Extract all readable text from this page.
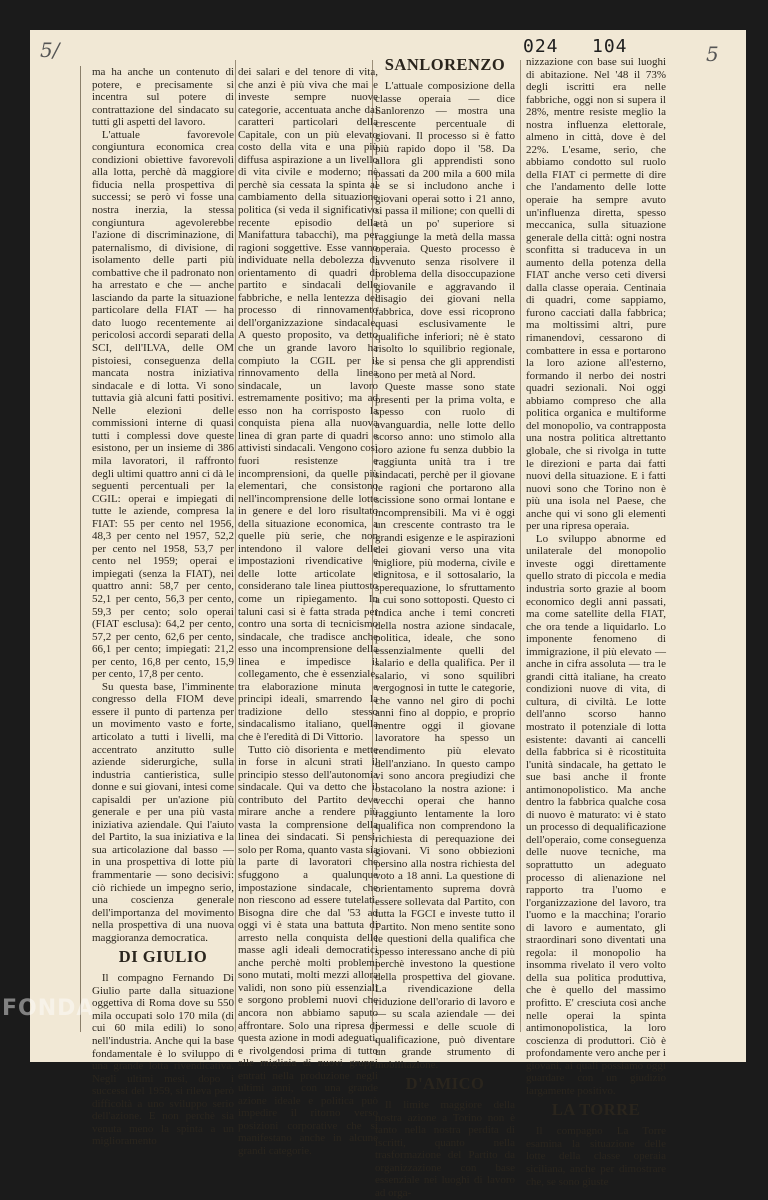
5/	5
024 104

ma ha anche un contenuto di potere, e precisamente si incentra sul potere di contrattazione del sindacato su tutti gli aspetti del lavoro.

L'attuale favorevole congiuntura economica crea condizioni obiettive favorevoli alla lotta, perchè dà maggiore fiducia nella prospettiva di successi; se però vi fosse una nostra inerzia, la stessa congiuntura agevolerebbe l'azione di discriminazione, di paternalismo, di divisione, di isolamento delle parti più combattive che il padronato non ha arrestato e che — anche lasciando da parte la situazione particolare della FIAT — ha dato luogo recentemente ai pericolosi accordi separati della SCI, dell'ILVA, delle OM pistoiesi, conseguenza della mancata nostra iniziativa sindacale e di lotta. Vi sono tuttavia già alcuni fatti positivi. Nelle elezioni delle commissioni interne di quasi tutti i complessi dove queste esistono, per un insieme di 386 mila lavoratori, il raffronto degli ultimi quattro anni ci dà le seguenti percentuali per la CGIL: operai e impiegati di tutte le aziende, compresa la FIAT: 55 per cento nel 1956, 48,3 per cento nel 1957, 52,2 per cento nel 1958, 53,7 per cento nel 1959; operai e impiegati (senza la FIAT), nei quattro anni: 58,7 per cento, 52,1 per cento, 56,3 per cento, 59,3 per cento; solo operai (FIAT esclusa): 64,2 per cento, 57,2 per cento, 62,6 per cento, 66,1 per cento; impiegati: 21,2 per cento, 16,8 per cento, 15,9 per cento, 17,8 per cento.

Su questa base, l'imminente congresso della FIOM deve essere il punto di partenza per un movimento vasto e forte, articolato a tutti i livelli, ma accentrato anzitutto sulle aziende siderurgiche, sulla industria cantieristica, sulle donne e sui giovani, intesi come capisaldi per un'azione più generale e per una più vasta iniziativa aziendale. Qui l'aiuto del Partito, la sua iniziativa e la sua articolazione dal basso — in una prospettiva di lotte più frammentarie — sono decisivi: ciò richiede un impegno serio, una coscienza generale dell'importanza del movimento nella prospettiva di una nuova maggioranza democratica.

DI GIULIO

Il compagno Fernando Di Giulio parte dalla situazione oggettiva di Roma dove su 550 mila occupati solo 170 mila (di cui 60 mila edili) lo sono nell'industria. Anche qui la base fondamentale è lo sviluppo di una grande lotta rivendicativa. Negli ultimi mesi, dopo i successi del 1959, si rileva però difficoltà a uno sviluppo serio dell'azione. E non perchè sia venuta meno la spinta a un miglioramento

dei salari e del tenore di vita, che anzi è più viva che mai e investe sempre nuove categorie, accentuata anche dai caratteri particolari della Capitale, con un più elevato costo della vita e una più diffusa aspirazione a un livello di vita civile e moderno; nè perchè sia cessata la spinta al cambiamento della situazione politica (si veda il significativo recente episodio della Manifattura tabacchi), ma per ragioni soggettive. Esse vanno individuate nella debolezza di orientamento di quadri di partito e sindacali delle fabbriche, e nella lentezza del processo di rinnovamento dell'organizzazione sindacale. A questo proposito, va detto che un grande lavoro ha compiuto la CGIL per il rinnovamento della linea sindacale, un lavoro estremamente positivo; ma ad esso non ha corrisposto la conquista piena alla nuova linea di gran parte di quadri e attivisti sindacali. Vengono così fuori resistenze e incomprensioni, da quelle più elementari, che consistono nell'incomprensione delle lotte in genere e del loro risultato della situazione economica, a quelle più serie, che non intendono il valore delle impostazioni rivendicative e delle lotte articolate e considerano tale linea piuttosto come un ripiegamento. In taluni casi si è fatta strada per contro una sorta di tecnicismo sindacale, che tradisce anche esso una incomprensione della linea e impedisce il collegamento, che è essenziale, tra elaborazione minuta e principi ideali, smarrendo la tradizione dello stesso sindacalismo italiano, quella che è l'eredità di Di Vittorio.

Tutto ciò disorienta e mette in forse in alcuni strati il principio stesso dell'autonomia sindacale. Qui va detto che il contributo del Partito deve mirare anche a rendere più vasta la comprensione della linea dei sindacati. Si pensi, solo per Roma, quanto vasta sia la parte di lavoratori che sfuggono a qualunque impostazione sindacale, che non riescono ad essere tutelati. Bisogna dire che dal '53 ad oggi vi è stata una battuta di arresto nella conquista delle masse agli ideali democratici anche perchè molti problemi sono mutati, molti mezzi allora validi, non sono più essenziali e sorgono problemi nuovi che ancora non abbiamo saputo affrontare. Solo una ripresa di questa azione in modi adeguati, e rivolgendosi prima di tutto alle migliaia di nuovi gruppi entrati nella produzione negli ultimi anni, con una grande azione ideale e politica può impedire il ritorno verso posizioni corporative che si manifestano anche in alcune grandi categorie.

SANLORENZO

L'attuale composizione della classe operaia — dice Sanlorenzo — mostra una crescente percentuale di giovani. Il processo si è fatto più rapido dopo il '58. Da allora gli apprendisti sono passati da 200 mila a 600 mila e se si includono anche i giovani operai sotto i 21 anno, si passa il milione; con quelli di età un po' superiore si raggiunge la metà della massa operaia. Questo processo è avvenuto senza risolvere il problema della disoccupazione giovanile e aggravando il disagio dei giovani nella fabbrica, dove essi ricoprono quasi esclusivamente le qualifiche inferiori; nè è stato risolto lo squilibrio regionale, se si pensa che gli apprendisti sono per metà al Nord.

Queste masse sono state presenti per la prima volta, e spesso con ruolo di avanguardia, nelle lotte dello scorso anno: uno stimolo alla loro azione fu senza dubbio la raggiunta unità tra i tre sindacati, perchè per il giovane le ragioni che portarono alla scissione sono ormai lontane e incomprensibili. Ma vi è oggi un crescente contrasto tra le grandi esigenze e le aspirazioni dei giovani verso una vita migliore, più moderna, civile e dignitosa, e il sottosalario, la sperequazione, lo sfruttamento a cui sono sottoposti. Questo ci indica anche i temi concreti della nostra azione sindacale, politica, ideale, che sono essenzialmente quelli del salario e della qualifica. Per il salario, vi sono squilibri vergognosi in tutte le categorie, che vanno nel giro di pochi anni fino al doppio, e proprio mentre oggi il giovane lavoratore ha spesso un rendimento più elevato dell'anziano. In questo campo vi sono ancora pregiudizi che ostacolano la nostra azione: i vecchi operai che hanno raggiunto lentamente la loro qualifica non comprendono la richiesta di perequazione dei giovani. Vi sono obbiezioni persino alla nostra richiesta del voto a 18 anni. La questione di orientamento suprema dovrà essere sollevata dal Partito, con tutta la FGCI e investe tutto il Partito. Non meno sentite sono le questioni della qualifica che spesso interessano anche di più perchè investono la questione della prospettiva del giovane. La rivendicazione della riduzione dell'orario di lavoro e — su scala aziendale — dei permessi e delle scuole di qualificazione, può diventare un grande strumento di mobilitazione.

D'AMICO

Il limite maggiore della nostra azione a Torino non è tanto nella nostra perdita di iscritti, quanto nella trasformazione del Partito da organizzazione con base essenziale nei luoghi di lavoro ad orga-

nizzazione con base sui luoghi di abitazione. Nel '48 il 73% degli iscritti era nelle fabbriche, oggi non si supera il 28%, mentre resiste meglio la nostra influenza elettorale, almeno in città, dove è del 22%. L'esame, serio, che abbiamo condotto sul ruolo della FIAT ci permette di dire che l'andamento delle lotte operaie ha sempre avuto un'influenza diretta, spesso meccanica, sulla situazione generale della città: ogni nostra sconfitta si traduceva in un aumento della potenza della FIAT anche verso ceti diversi dalla classe operaia. Centinaia di quadri, come sappiamo, furono cacciati dalla fabbrica; ma moltissimi altri, pure rimanendovi, cessarono di combattere in essa e portarono la loro azione all'esterno, formando il nerbo dei nostri quadri sezionali. Noi oggi abbiamo compreso che alla politica organica e multiforme del monopolio, va contrapposta una nostra politica altrettanto globale, che si rivolga in tutte le direzioni e parta dai fatti nuovi della situazione. E i fatti nuovi sono che Torino non è più una isola nel Paese, che anche qui vi sono gli elementi per una ripresa operaia.

Lo sviluppo abnorme ed unilaterale del monopolio investe oggi direttamente quello strato di piccola e media industria sorto grazie al boom economico degli anni passati, ma come satellite della FIAT, che ora tende a liquidarlo. Lo imponente fenomeno di immigrazione, il più elevato — anche in cifra assoluta — tra le grandi città italiane, ha creato condizioni nuove di vita, di cultura, di civiltà. Le lotte dell'anno scorso hanno mostrato il potenziale di lotta esistente: davanti ai cancelli della fabbrica si è ricostituita l'unità sindacale, ha gettato le sue basi anche il fronte antimonopolistico. Ma anche dentro la fabbrica qualche cosa di nuovo è maturato: vi è stato un processo di dequalificazione dell'operaio, come conseguenza delle nuove tecniche, ma soprattutto un adeguato processo di alienazione nel rapporto tra l'uomo e l'organizzazione del lavoro, tra l'uomo e la macchina; l'orario di lavoro e aumentato, gli straordinari sono diventati una regola: il monopolio ha insomma rivelato il vero volto della sua politica produttiva, che è quello del massimo profitto. E' cresciuta così anche nelle operai la spinta antimonopolistica, la loro coscienza di produttori. Ciò è profondamente vero anche per i giovani, ai quali possiamo oggi guardare con un giudizio largamente positivo.

LA TORRE

Il compagno La Torre esamina la situazione delle lotte della classe operaia siciliana, anche per dimostrare che, se sono giuste

FONDA
